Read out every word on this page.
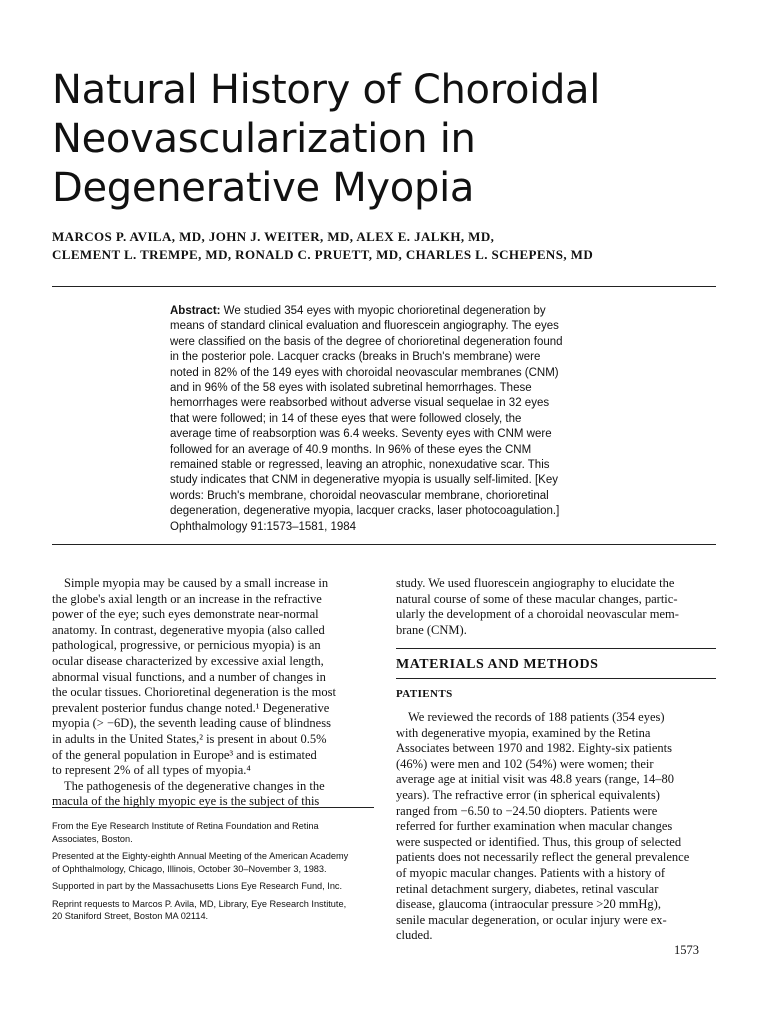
Natural History of Choroidal
Neovascularization in
Degenerative Myopia
MARCOS P. AVILA, MD, JOHN J. WEITER, MD, ALEX E. JALKH, MD,
CLEMENT L. TREMPE, MD, RONALD C. PRUETT, MD, CHARLES L. SCHEPENS, MD
Abstract: We studied 354 eyes with myopic chorioretinal degeneration by
means of standard clinical evaluation and fluorescein angiography. The eyes
were classified on the basis of the degree of chorioretinal degeneration found
in the posterior pole. Lacquer cracks (breaks in Bruch's membrane) were
noted in 82% of the 149 eyes with choroidal neovascular membranes (CNM)
and in 96% of the 58 eyes with isolated subretinal hemorrhages. These
hemorrhages were reabsorbed without adverse visual sequelae in 32 eyes
that were followed; in 14 of these eyes that were followed closely, the
average time of reabsorption was 6.4 weeks. Seventy eyes with CNM were
followed for an average of 40.9 months. In 96% of these eyes the CNM
remained stable or regressed, leaving an atrophic, nonexudative scar. This
study indicates that CNM in degenerative myopia is usually self-limited. [Key
words: Bruch's membrane, choroidal neovascular membrane, chorioretinal
degeneration, degenerative myopia, lacquer cracks, laser photocoagulation.]
Ophthalmology 91:1573–1581, 1984
Simple myopia may be caused by a small increase in
the globe's axial length or an increase in the refractive
power of the eye; such eyes demonstrate near-normal
anatomy. In contrast, degenerative myopia (also called
pathological, progressive, or pernicious myopia) is an
ocular disease characterized by excessive axial length,
abnormal visual functions, and a number of changes in
the ocular tissues. Chorioretinal degeneration is the most
prevalent posterior fundus change noted.¹ Degenerative
myopia (> −6D), the seventh leading cause of blindness
in adults in the United States,² is present in about 0.5%
of the general population in Europe³ and is estimated
to represent 2% of all types of myopia.⁴
The pathogenesis of the degenerative changes in the
macula of the highly myopic eye is the subject of this
From the Eye Research Institute of Retina Foundation and Retina
Associates, Boston.
Presented at the Eighty-eighth Annual Meeting of the American Academy
of Ophthalmology, Chicago, Illinois, October 30–November 3, 1983.
Supported in part by the Massachusetts Lions Eye Research Fund, Inc.
Reprint requests to Marcos P. Avila, MD, Library, Eye Research Institute,
20 Staniford Street, Boston MA 02114.
study. We used fluorescein angiography to elucidate the
natural course of some of these macular changes, partic-
ularly the development of a choroidal neovascular mem-
brane (CNM).
MATERIALS AND METHODS
PATIENTS
We reviewed the records of 188 patients (354 eyes)
with degenerative myopia, examined by the Retina
Associates between 1970 and 1982. Eighty-six patients
(46%) were men and 102 (54%) were women; their
average age at initial visit was 48.8 years (range, 14–80
years). The refractive error (in spherical equivalents)
ranged from −6.50 to −24.50 diopters. Patients were
referred for further examination when macular changes
were suspected or identified. Thus, this group of selected
patients does not necessarily reflect the general prevalence
of myopic macular changes. Patients with a history of
retinal detachment surgery, diabetes, retinal vascular
disease, glaucoma (intraocular pressure >20 mmHg),
senile macular degeneration, or ocular injury were ex-
cluded.
1573
